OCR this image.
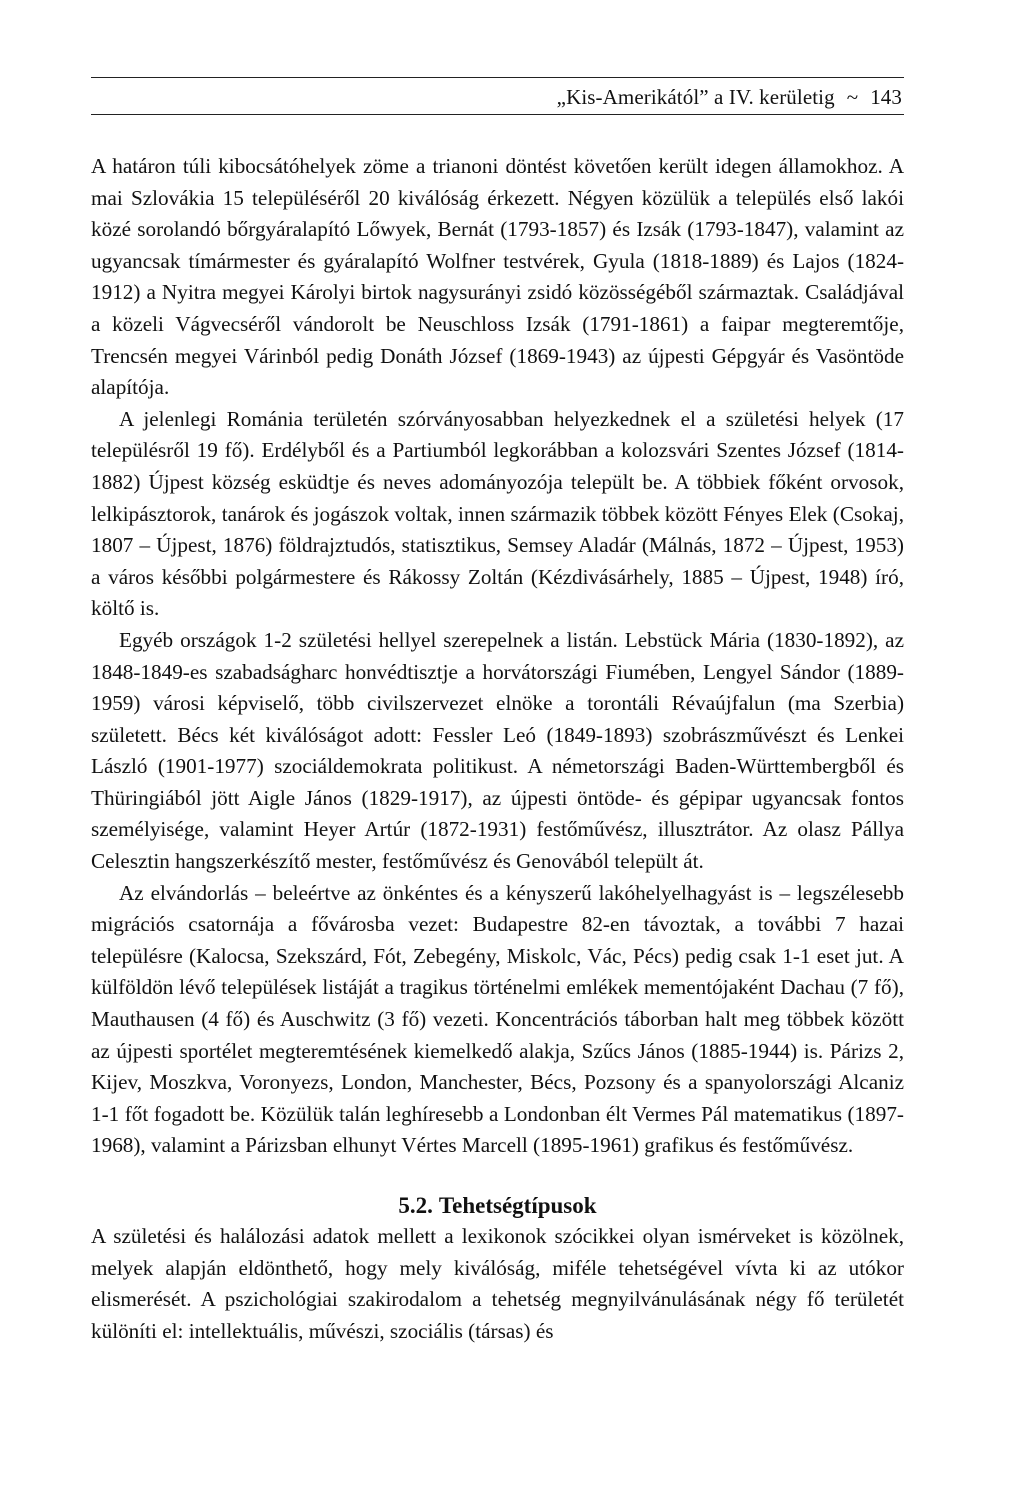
„Kis-Amerikától” a IV. kerületig ~ 143

A határon túli kibocsátóhelyek zöme a trianoni döntést követően került idegen államokhoz. A mai Szlovákia 15 településéről 20 kiválóság érkezett. Négyen közülük a település első lakói közé sorolandó bőrgyáralapító Lőwyek, Bernát (1793-1857) és Izsák (1793-1847), valamint az ugyancsak tímármester és gyáralapító Wolfner testvérek, Gyula (1818-1889) és Lajos (1824-1912) a Nyitra megyei Károlyi birtok nagysurányi zsidó közösségéből származtak. Családjával a közeli Vágvecséről vándorolt be Neuschloss Izsák (1791-1861) a faipar megteremtője, Trencsén megyei Várinból pedig Donáth József (1869-1943) az újpesti Gépgyár és Vasöntöde alapítója.

A jelenlegi Románia területén szórványosabban helyezkednek el a születési helyek (17 településről 19 fő). Erdélyből és a Partiumból legkorábban a kolozsvári Szentes József (1814-1882) Újpest község esküdtje és neves adományozója települt be. A többiek főként orvosok, lelkipásztorok, tanárok és jogászok voltak, innen származik többek között Fényes Elek (Csokaj, 1807 – Újpest, 1876) földrajztudós, statisztikus, Semsey Aladár (Málnás, 1872 – Újpest, 1953) a város későbbi polgármestere és Rákossy Zoltán (Kézdivásárhely, 1885 – Újpest, 1948) író, költő is.

Egyéb országok 1-2 születési hellyel szerepelnek a listán. Lebstück Mária (1830-1892), az 1848-1849-es szabadságharc honvédtisztje a horvátországi Fiumében, Lengyel Sándor (1889-1959) városi képviselő, több civilszervezet elnöke a torontáli Révaújfalun (ma Szerbia) született. Bécs két kiválóságot adott: Fessler Leó (1849-1893) szobrászművészt és Lenkei László (1901-1977) szociáldemokrata politikust. A németországi Baden-Württembergből és Thüringiából jött Aigle János (1829-1917), az újpesti öntöde- és gépipar ugyancsak fontos személyisége, valamint Heyer Artúr (1872-1931) festőművész, illusztrátor. Az olasz Pállya Celesztin hangszerkészítő mester, festőművész és Genovából települt át.

Az elvándorlás – beleértve az önkéntes és a kényszerű lakóhelyelhagyást is – legszélesebb migrációs csatornája a fővárosba vezet: Budapestre 82-en távoztak, a további 7 hazai településre (Kalocsa, Szekszárd, Fót, Zebegény, Miskolc, Vác, Pécs) pedig csak 1-1 eset jut. A külföldön lévő települések listáját a tragikus történelmi emlékek mementójaként Dachau (7 fő), Mauthausen (4 fő) és Auschwitz (3 fő) vezeti. Koncentrációs táborban halt meg többek között az újpesti sportélet megteremtésének kiemelkedő alakja, Szűcs János (1885-1944) is. Párizs 2, Kijev, Moszkva, Voronyezs, London, Manchester, Bécs, Pozsony és a spanyolországi Alcaniz 1-1 főt fogadott be. Közülük talán leghíresebb a Londonban élt Vermes Pál matematikus (1897-1968), valamint a Párizsban elhunyt Vértes Marcell (1895-1961) grafikus és festőművész.

5.2. Tehetségtípusok

A születési és halálozási adatok mellett a lexikonok szócikkei olyan ismérveket is közölnek, melyek alapján eldönthető, hogy mely kiválóság, miféle tehetségével vívta ki az utókor elismerését. A pszichológiai szakirodalom a tehetség megnyilvánulásának négy fő területét különíti el: intellektuális, művészi, szociális (társas) és
